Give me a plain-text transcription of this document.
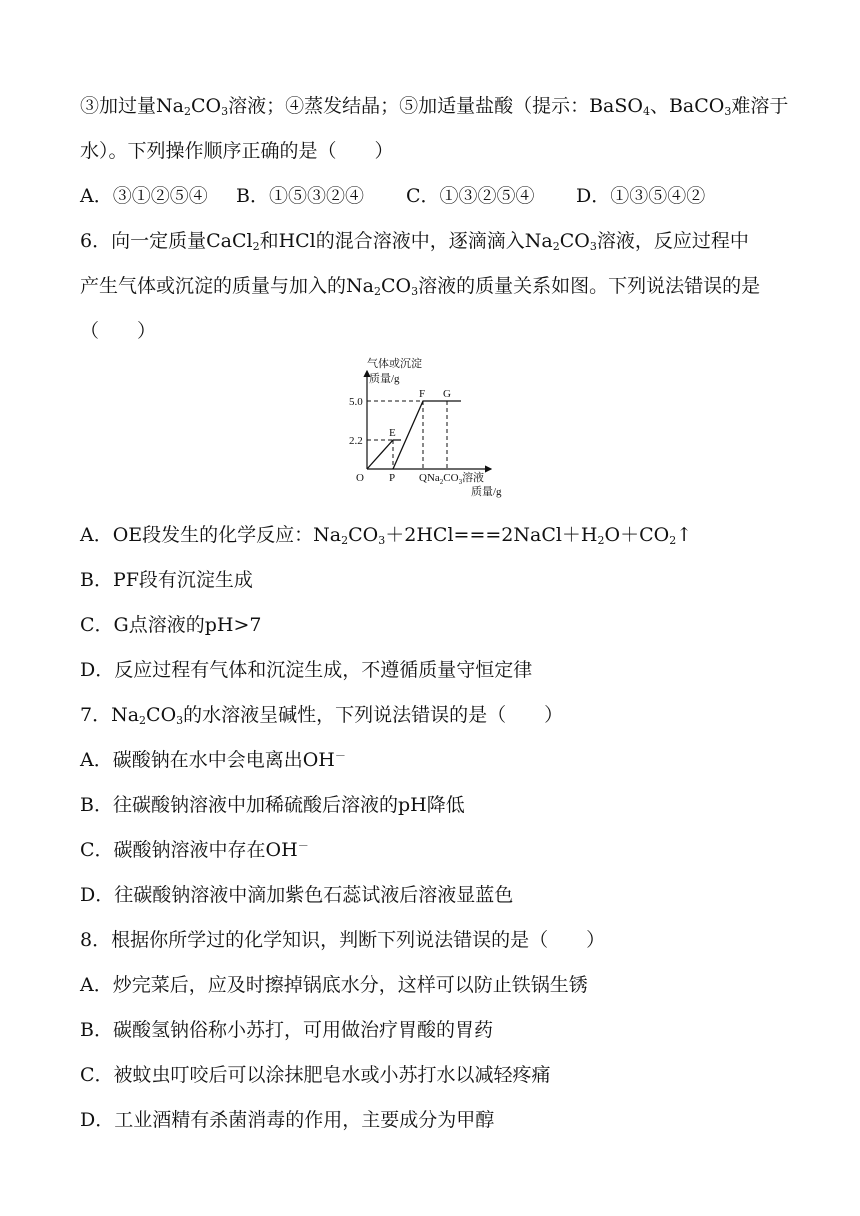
③加过量$Na_2CO_3$溶液；④蒸发结晶；⑤加适量盐酸（提示：BaSO$_4$、BaCO$_3$难溶于
水）。下列操作顺序正确的是（　　）
A．③①②⑤④ B．①⑤③②④ C．①③②⑤④ D．①③⑤④②
6．向一定质量CaCl$_2$和HCl的混合溶液中，逐滴滴入$Na_2CO_3$溶液，反应过程中
产生气体或沉淀的质量与加入的$Na_2CO_3$溶液的质量关系如图。下列说法错误的是
（　　）
气体或沉淀
质量/g
5.0
2.2
E
F G
O P $QNa_2CO_3$溶液
质量/g
A．OE段发生的化学反应：$Na_2CO_3+2HCl===2NaCl+H_2O+CO_2↑$
B．PF段有沉淀生成
C．G点溶液的pH>7
D．反应过程有气体和沉淀生成，不遵循质量守恒定律
7．$Na_2CO_3$的水溶液呈碱性，下列说法错误的是（　　）
A．碳酸钠在水中会电离出OH－
B．往碳酸钠溶液中加稀硫酸后溶液的pH降低
C．碳酸钠溶液中存在OH－
D．往碳酸钠溶液中滴加紫色石蕊试液后溶液显蓝色
8．根据你所学过的化学知识，判断下列说法错误的是（　　）
A．炒完菜后，应及时擦掉锅底水分，这样可以防止铁锅生锈
B．碳酸氢钠俗称小苏打，可用做治疗胃酸的胃药
C．被蚊虫叮咬后可以涂抹肥皂水或小苏打水以减轻疼痛
D．工业酒精有杀菌消毒的作用，主要成分为甲醇
